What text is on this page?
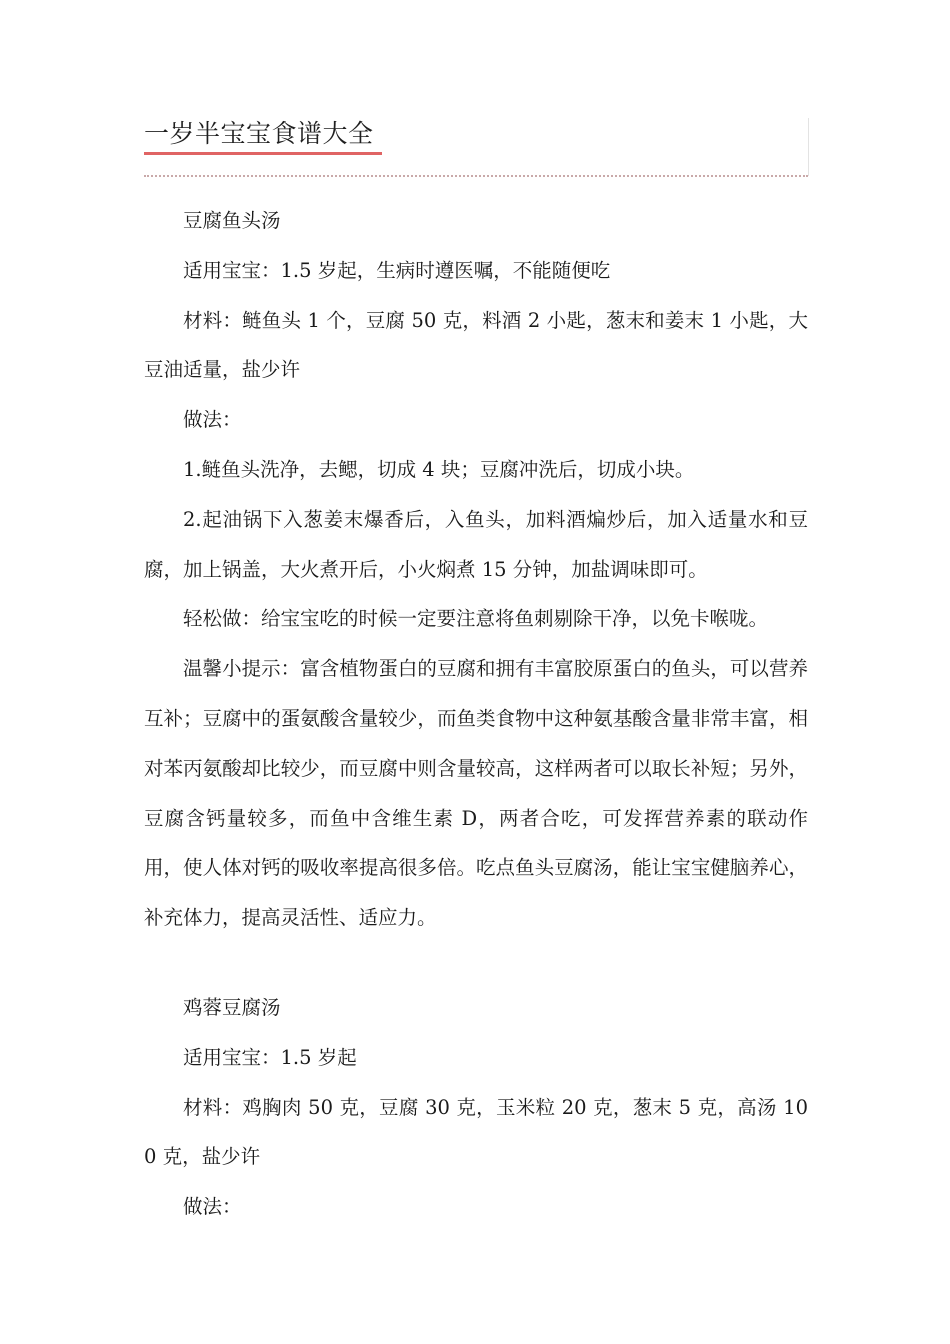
一岁半宝宝食谱大全

豆腐鱼头汤

适用宝宝：1.5 岁起，生病时遵医嘱，不能随便吃

材料：鲢鱼头 1 个，豆腐 50 克，料酒 2 小匙，葱末和姜末 1 小匙，大豆油适量，盐少许

做法：

1.鲢鱼头洗净，去鳃，切成 4 块；豆腐冲洗后，切成小块。

2.起油锅下入葱姜末爆香后，入鱼头，加料酒煸炒后，加入适量水和豆腐，加上锅盖，大火煮开后，小火焖煮 15 分钟，加盐调味即可。

轻松做：给宝宝吃的时候一定要注意将鱼刺剔除干净，以免卡喉咙。

温馨小提示：富含植物蛋白的豆腐和拥有丰富胶原蛋白的鱼头，可以营养互补；豆腐中的蛋氨酸含量较少，而鱼类食物中这种氨基酸含量非常丰富，相对苯丙氨酸却比较少，而豆腐中则含量较高，这样两者可以取长补短；另外，豆腐含钙量较多，而鱼中含维生素 D，两者合吃，可发挥营养素的联动作用，使人体对钙的吸收率提高很多倍。吃点鱼头豆腐汤，能让宝宝健脑养心，补充体力，提高灵活性、适应力。

鸡蓉豆腐汤

适用宝宝：1.5 岁起

材料：鸡胸肉 50 克，豆腐 30 克，玉米粒 20 克，葱末 5 克，高汤 100 克，盐少许

做法：
